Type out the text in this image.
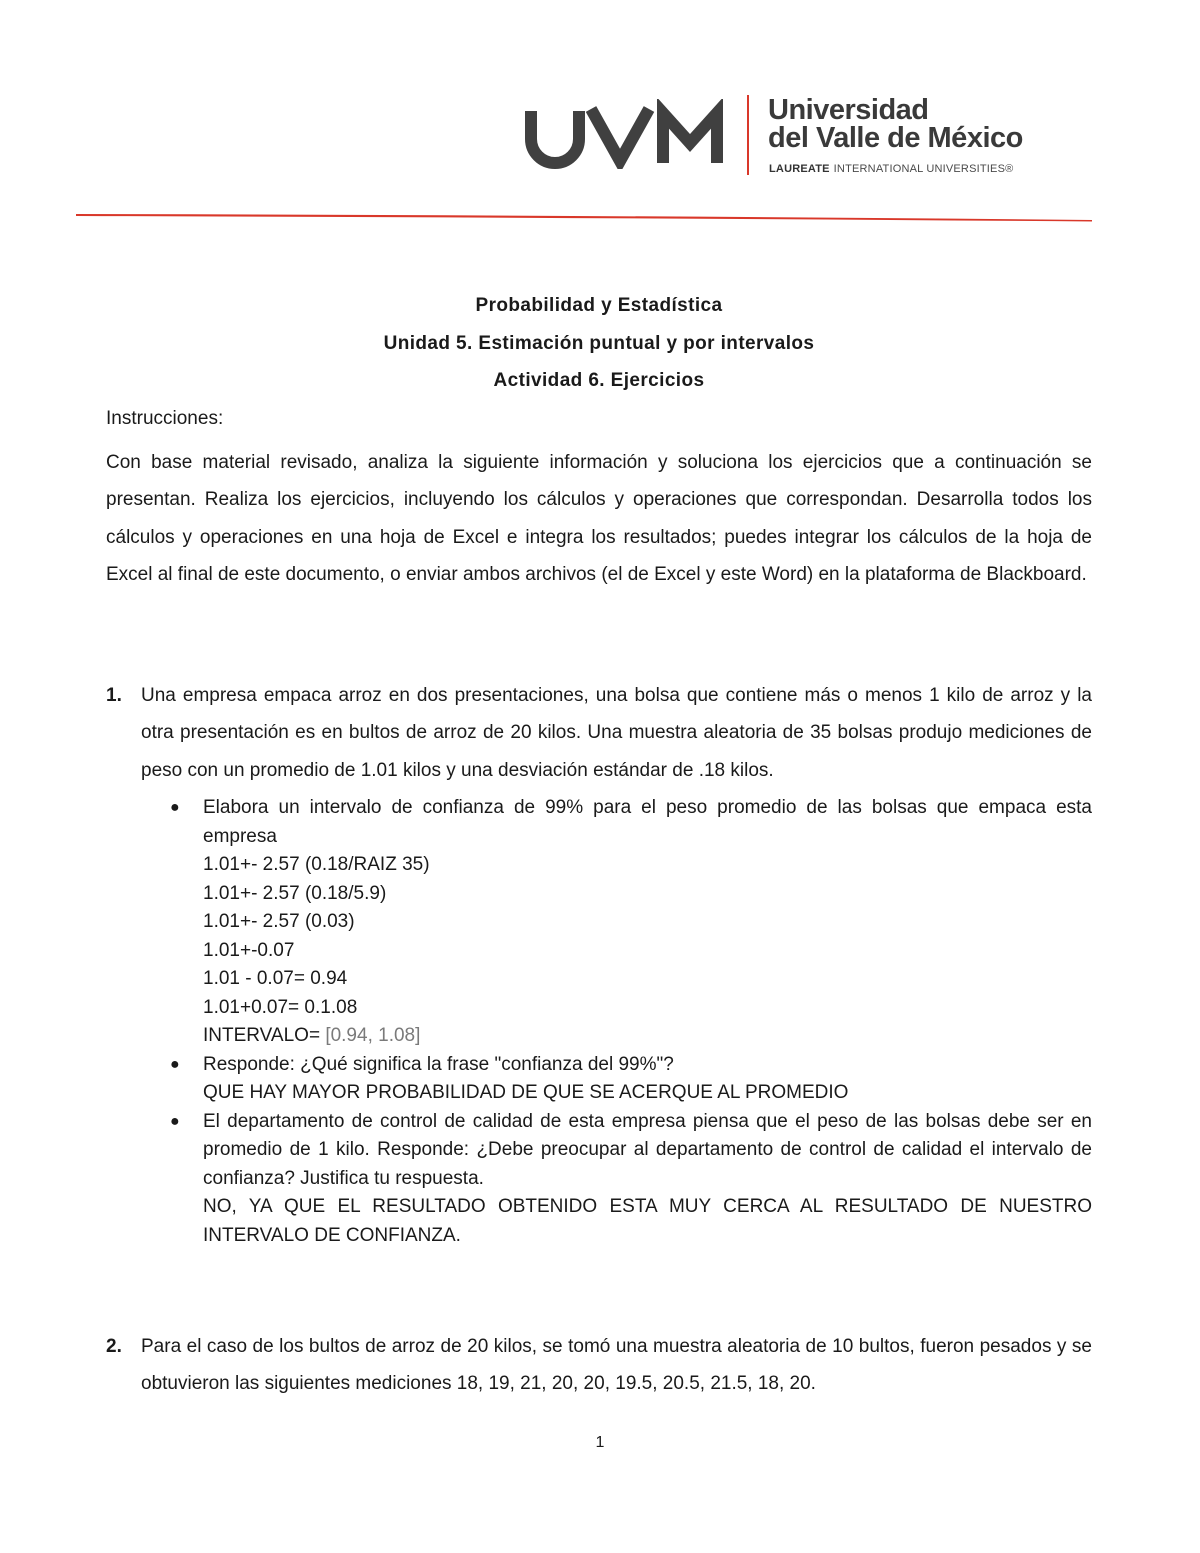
Universidad
del Valle de México
LAUREATE INTERNATIONAL UNIVERSITIES®
Probabilidad y Estadística
Unidad 5. Estimación puntual y por intervalos
Actividad 6. Ejercicios
Instrucciones:
Con base material revisado, analiza la siguiente información y soluciona los ejercicios que a continuación se presentan. Realiza los ejercicios, incluyendo los cálculos y operaciones que correspondan. Desarrolla todos los cálculos y operaciones en una hoja de Excel e integra los resultados; puedes integrar los cálculos de la hoja de Excel al final de este documento, o enviar ambos archivos (el de Excel y este Word) en la plataforma de Blackboard.
1. Una empresa empaca arroz en dos presentaciones, una bolsa que contiene más o menos 1 kilo de arroz y la otra presentación es en bultos de arroz de 20 kilos. Una muestra aleatoria de 35 bolsas produjo mediciones de peso con un promedio de 1.01 kilos y una desviación estándar de .18 kilos.
● Elabora un intervalo de confianza de 99% para el peso promedio de las bolsas que empaca esta empresa
1.01+- 2.57 (0.18/RAIZ 35)
1.01+- 2.57 (0.18/5.9)
1.01+- 2.57 (0.03)
1.01+-0.07
1.01 - 0.07= 0.94
1.01+0.07= 0.1.08
INTERVALO= [0.94, 1.08]
● Responde: ¿Qué significa la frase "confianza del 99%"?
QUE HAY MAYOR PROBABILIDAD DE QUE SE ACERQUE AL PROMEDIO
● El departamento de control de calidad de esta empresa piensa que el peso de las bolsas debe ser en promedio de 1 kilo. Responde: ¿Debe preocupar al departamento de control de calidad el intervalo de confianza? Justifica tu respuesta.
NO, YA QUE EL RESULTADO OBTENIDO ESTA MUY CERCA AL RESULTADO DE NUESTRO INTERVALO DE CONFIANZA.
2. Para el caso de los bultos de arroz de 20 kilos, se tomó una muestra aleatoria de 10 bultos, fueron pesados y se obtuvieron las siguientes mediciones 18, 19, 21, 20, 20, 19.5, 20.5, 21.5, 18, 20.
1
